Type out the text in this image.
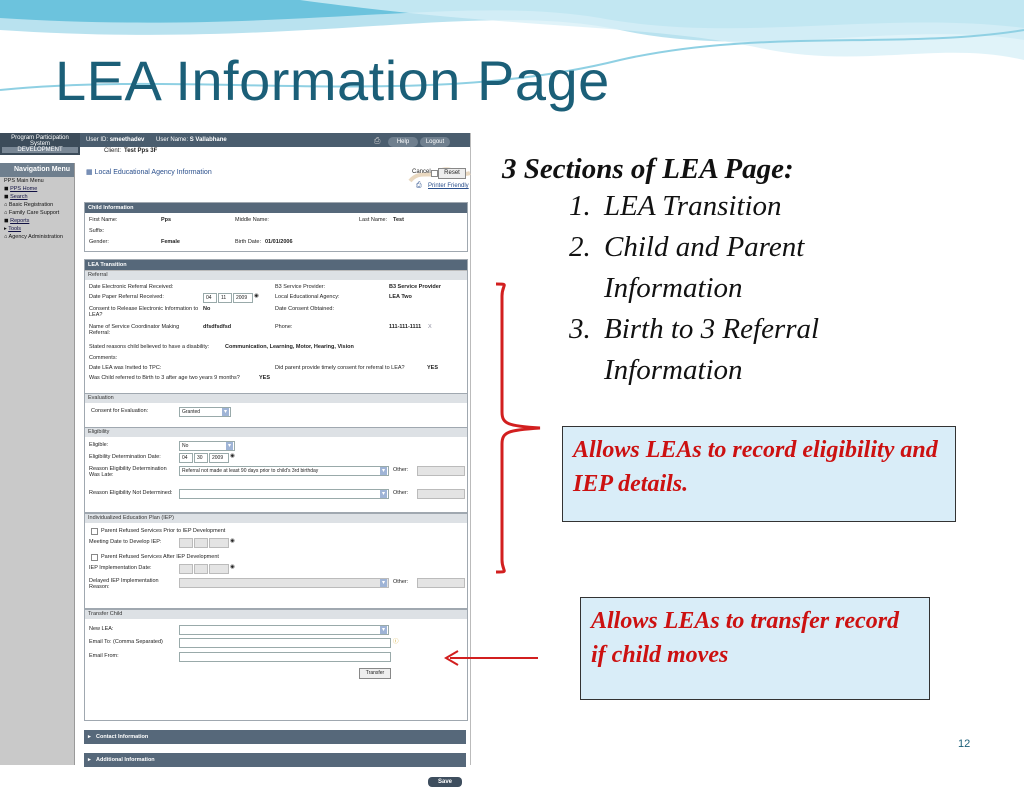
LEA Information Page
Program Participation
System
DEVELOPMENT
User ID: smeethadev User Name: S Vallabhane	⎙	Help	Logout
Client: Test Pps 3F
Navigation Menu
PPS Main Menu
◼ PPS Home
◼ Search
⌂ Basic Registration
⌂ Family Care Support
◼ Reports
▸ Tools
⌂ Agency Administration
▦ Local Educational Agency Information	Cancel	Reset
⎙ Printer Friendly
Child Information
First Name:	Pps	Middle Name:	Last Name: Test
Suffix:
Gender:	Female	Birth Date: 01/01/2006
LEA Transition
Referral
Date Electronic Referral Received:	B3 Service Provider:	B3 Service Provider
Date Paper Referral Received:	04	11	2009	◉	Local Educational Agency:	LEA Two
Consent to Release Electronic Information to LEA?
No	Date Consent Obtained:
Name of Service Coordinator Making Referral:
dfsdfsdfsd	Phone:	111-111-1111 X
Stated reasons child believed to have a disability:	Communication, Learning, Motor, Hearing, Vision
Comments:
Date LEA was Invited to TPC:	Did parent provide timely consent for referral to LEA?	YES
Was Child referred to Birth to 3 after age two years 9 months?	YES
Evaluation
Consent for Evaluation:	Granted ▾
Eligibility
Eligible:	No ▾
Eligibility Determination Date:	04	30	2009	◉
Reason Eligibility Determination Was Late:
Referral not made at least 90 days prior to child's 3rd birthday ▾	Other:
Reason Eligibility Not Determined:
▾	Other:
Individualized Education Plan (IEP)
Parent Refused Services Prior to IEP Development
Meeting Date to Develop IEP:	◉
Parent Refused Services After IEP Development
IEP Implementation Date:	◉
Delayed IEP Implementation Reason:
▾
Other:
Transfer Child
New LEA:
▾
Email To: (Comma Separated)	ⓘ
Email From:
Transfer
▸ Contact Information
▸ Additional Information
Save
3 Sections of LEA Page:
1. LEA Transition
2. Child and Parent Information
3. Birth to 3 Referral Information
Allows LEAs to record eligibility and IEP details.
Allows LEAs to transfer record if child moves
12
